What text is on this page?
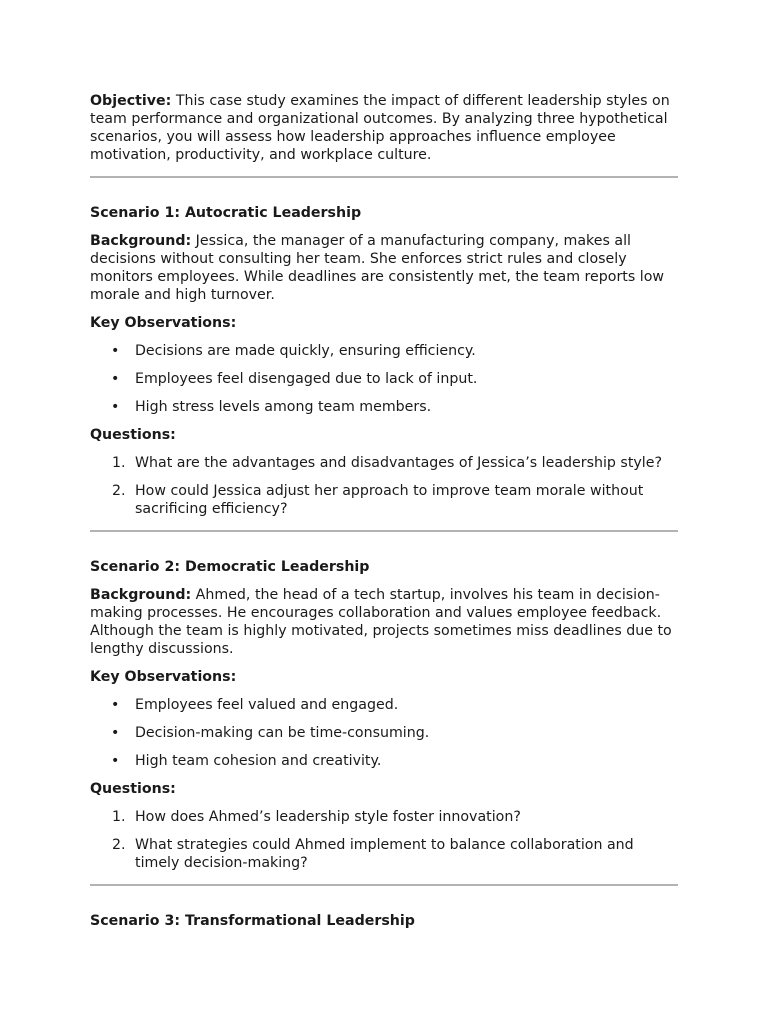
Objective: This case study examines the impact of different leadership styles on team performance and organizational outcomes. By analyzing three hypothetical scenarios, you will assess how leadership approaches influence employee motivation, productivity, and workplace culture.

Scenario 1: Autocratic Leadership

Background: Jessica, the manager of a manufacturing company, makes all decisions without consulting her team. She enforces strict rules and closely monitors employees. While deadlines are consistently met, the team reports low morale and high turnover.

Key Observations:

• Decisions are made quickly, ensuring efficiency.
• Employees feel disengaged due to lack of input.
• High stress levels among team members.

Questions:

1. What are the advantages and disadvantages of Jessica’s leadership style?
2. How could Jessica adjust her approach to improve team morale without sacrificing efficiency?

Scenario 2: Democratic Leadership

Background: Ahmed, the head of a tech startup, involves his team in decision-making processes. He encourages collaboration and values employee feedback. Although the team is highly motivated, projects sometimes miss deadlines due to lengthy discussions.

Key Observations:

• Employees feel valued and engaged.
• Decision-making can be time-consuming.
• High team cohesion and creativity.

Questions:

1. How does Ahmed’s leadership style foster innovation?
2. What strategies could Ahmed implement to balance collaboration and timely decision-making?

Scenario 3: Transformational Leadership
